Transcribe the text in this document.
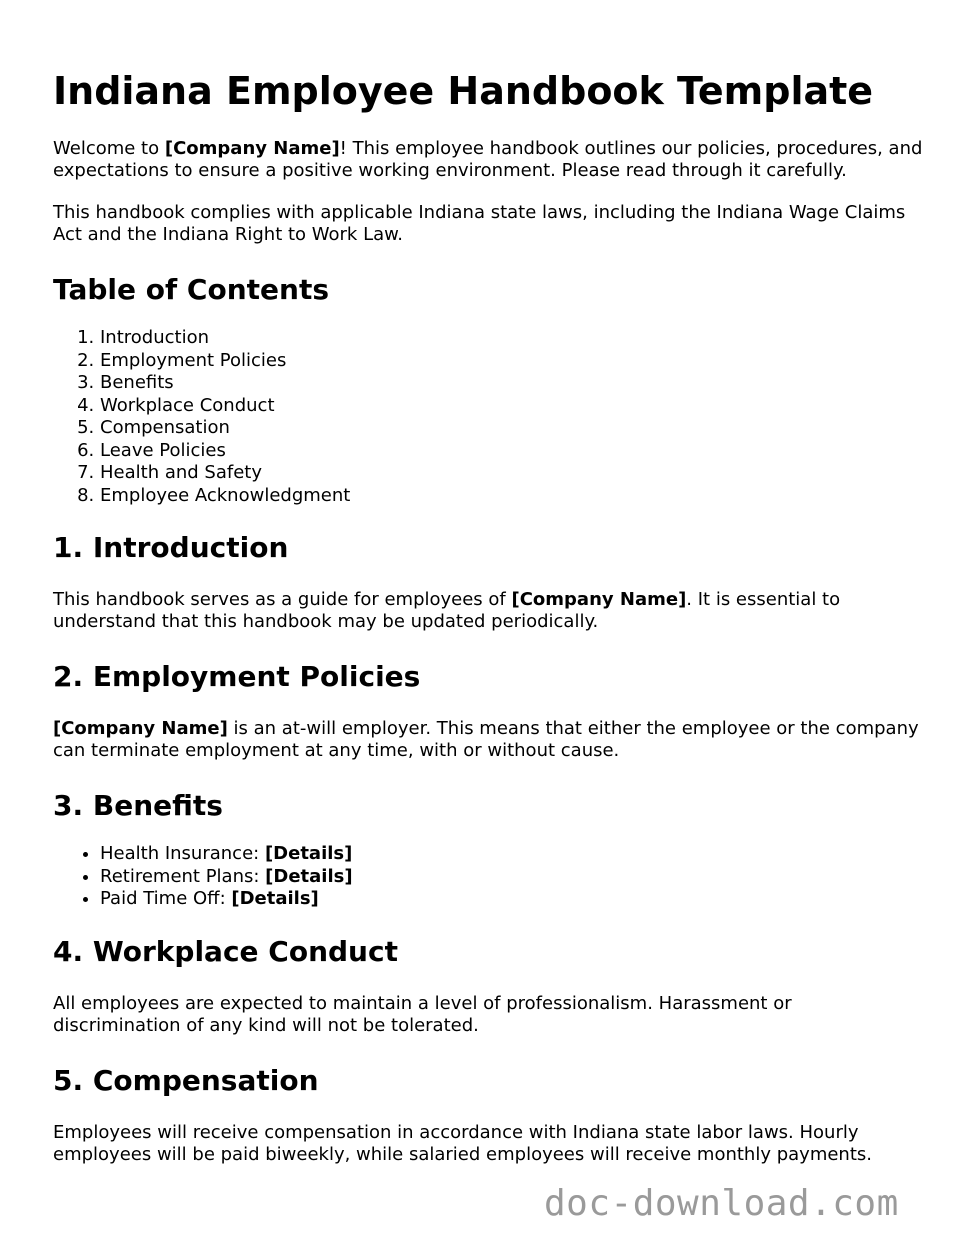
Indiana Employee Handbook Template

Welcome to [Company Name]! This employee handbook outlines our policies, procedures, and expectations to ensure a positive working environment. Please read through it carefully.

This handbook complies with applicable Indiana state laws, including the Indiana Wage Claims Act and the Indiana Right to Work Law.

Table of Contents
1. Introduction
2. Employment Policies
3. Benefits
4. Workplace Conduct
5. Compensation
6. Leave Policies
7. Health and Safety
8. Employee Acknowledgment
1. Introduction

This handbook serves as a guide for employees of [Company Name]. It is essential to understand that this handbook may be updated periodically.

2. Employment Policies

[Company Name] is an at-will employer. This means that either the employee or the company can terminate employment at any time, with or without cause.

3. Benefits
• Health Insurance: [Details]
• Retirement Plans: [Details]
• Paid Time Off: [Details]
4. Workplace Conduct

All employees are expected to maintain a level of professionalism. Harassment or discrimination of any kind will not be tolerated.

5. Compensation

Employees will receive compensation in accordance with Indiana state labor laws. Hourly employees will be paid biweekly, while salaried employees will receive monthly payments.

doc-download.com
